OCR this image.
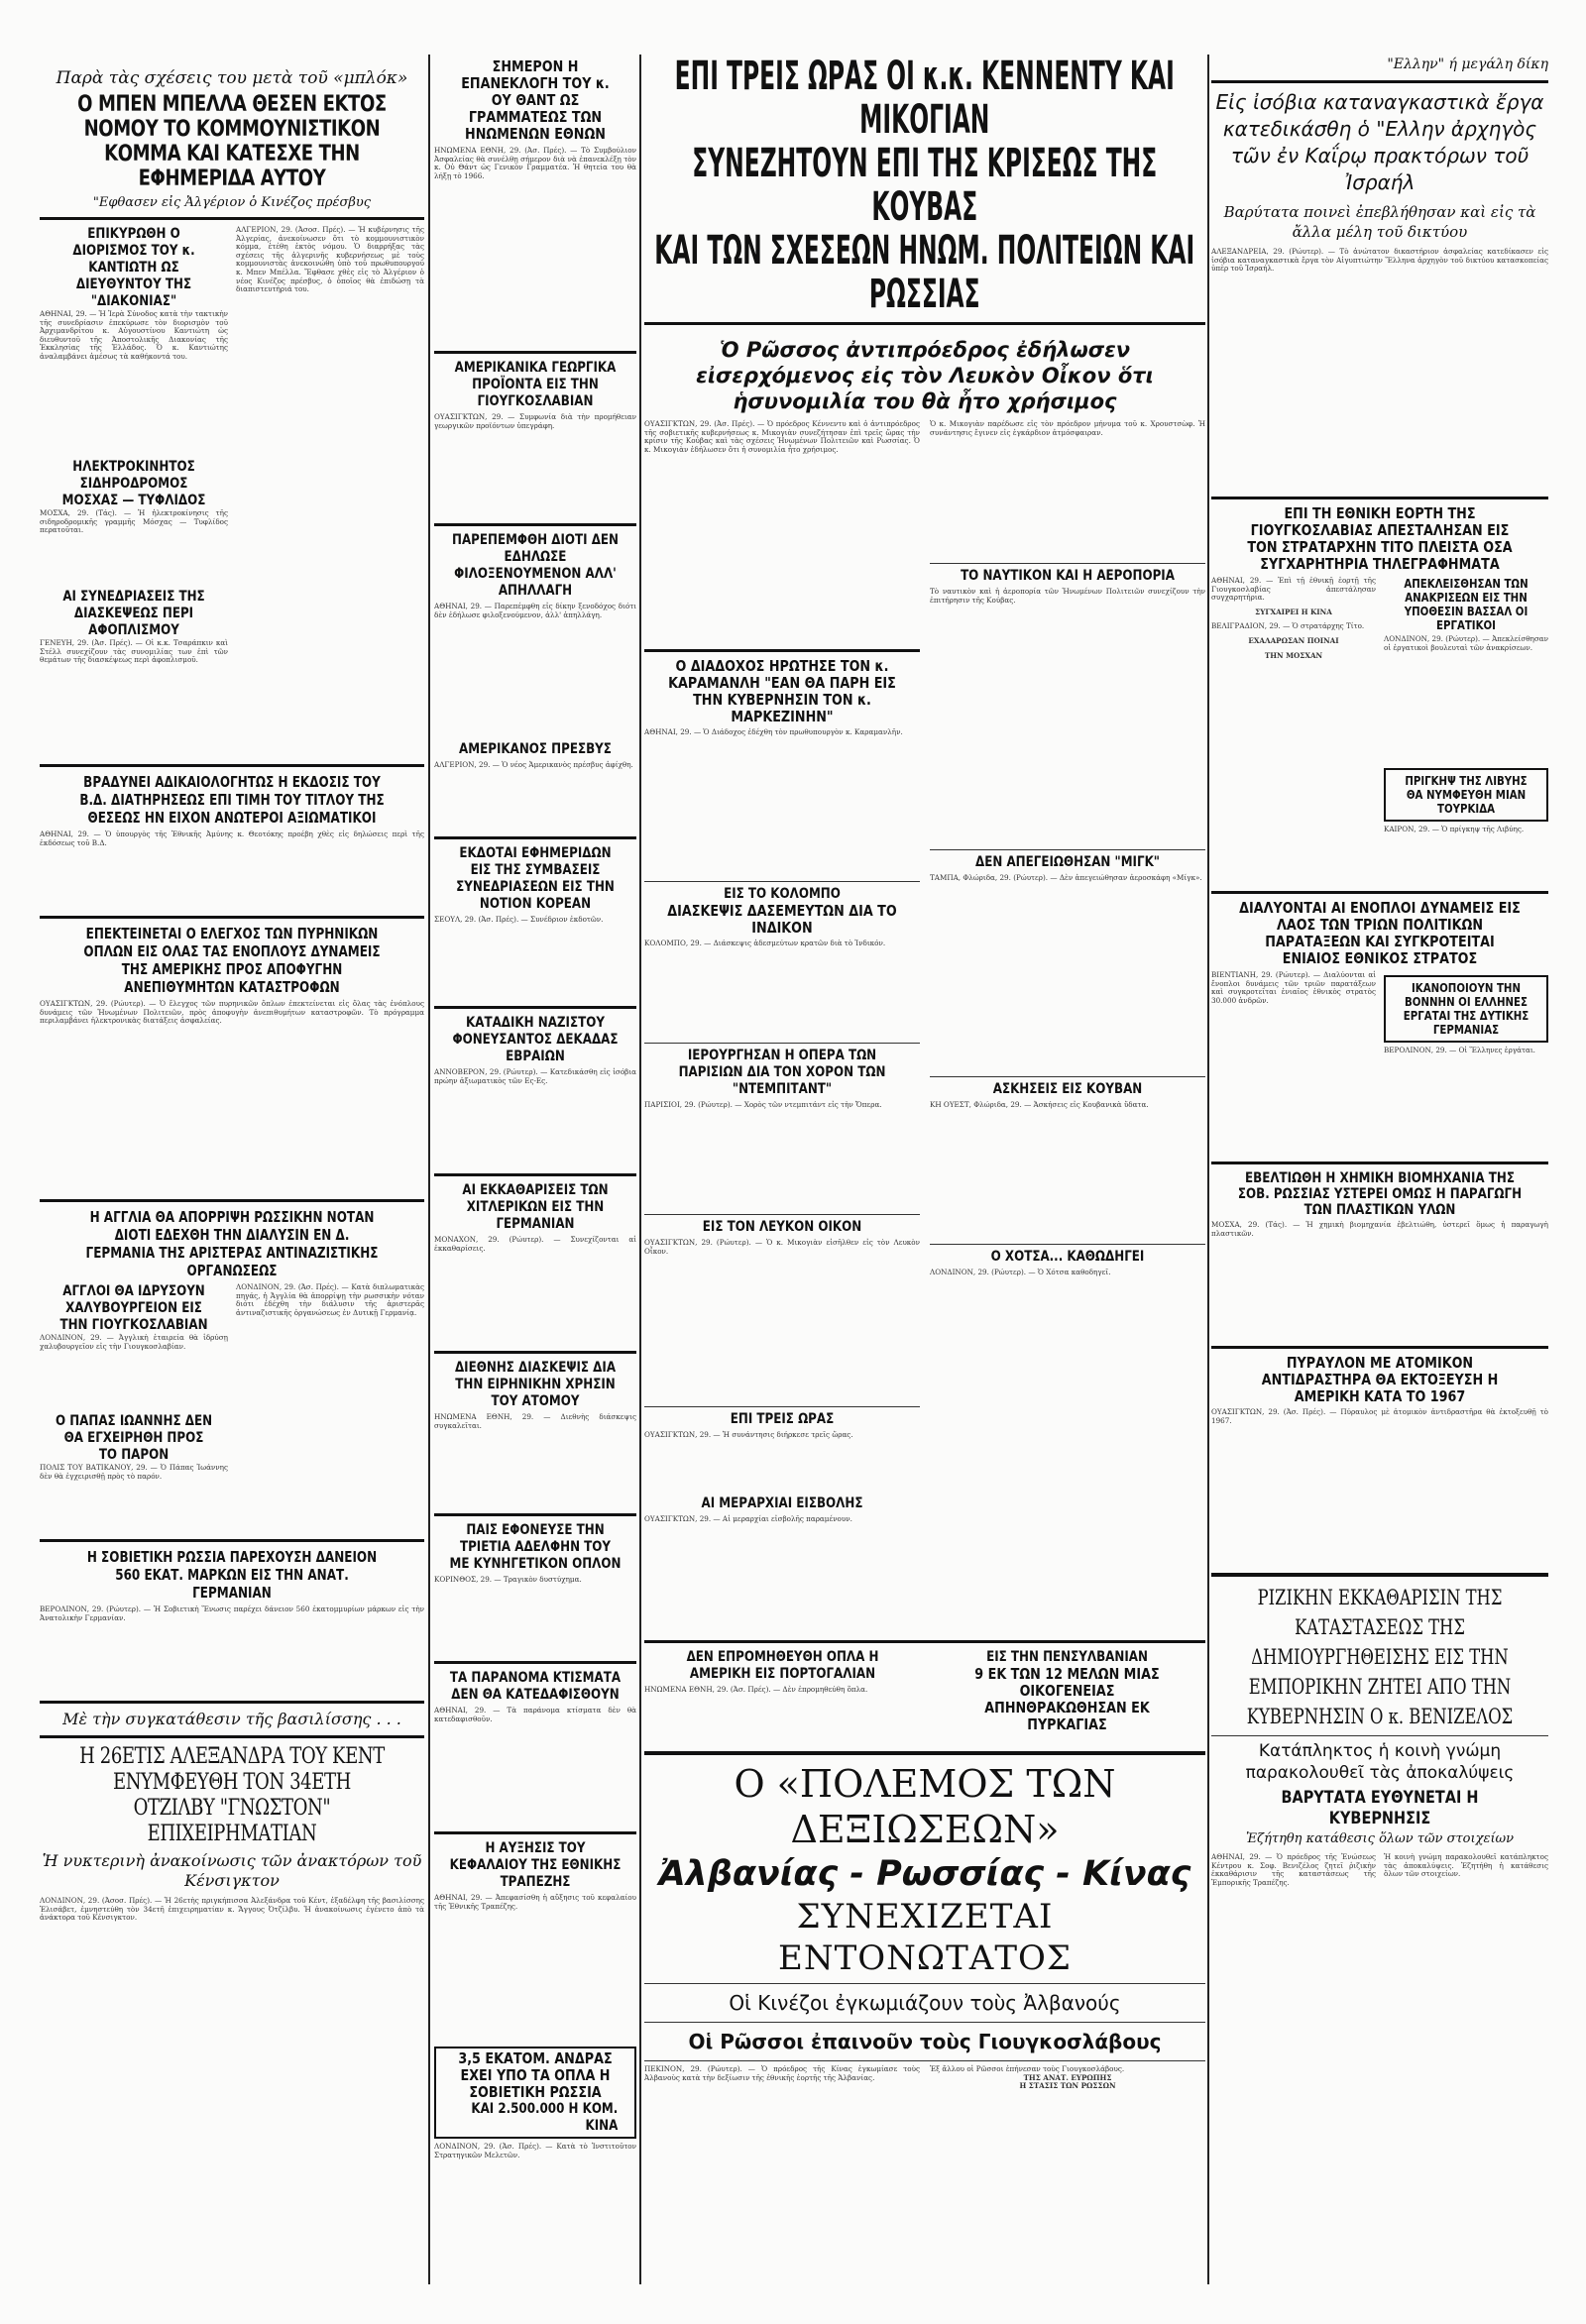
Παρὰ τὰς σχέσεις του μετὰ τοῦ «μπλόκ»
Ο ΜΠΕΝ ΜΠΕΛΛΑ ΘΕΣΕΝ ΕΚΤΟΣ ΝΟΜΟΥ ΤΟ ΚΟΜΜΟΥΝΙΣΤΙΚΟΝ ΚΟΜΜΑ ΚΑΙ ΚΑΤΕΣΧΕ ΤΗΝ ΕΦΗΜΕΡΙΔΑ ΑΥΤΟΥ
"Εφθασεν εἰς Ἀλγέριον ὁ Κινέζος πρέσβυς
ΕΠΙΚΥΡΩΘΗ Ο ΔΙΟΡΙΣΜΟΣ ΤΟΥ κ. ΚΑΝΤΙΩΤΗ ΩΣ ΔΙΕΥΘΥΝΤΟΥ ΤΗΣ "ΔΙΑΚΟΝΙΑΣ"
ΑΘΗΝΑΙ, 29. — Ἡ Ἱερὰ Σύνοδος κατὰ τὴν τακτικὴν τῆς συνεδρίασιν ἐπεκύρωσε τὸν διορισμὸν τοῦ Ἀρχιμανδρίτου κ. Αὐγουστίνου Καντιώτη ὡς διευθυντοῦ τῆς Ἀποστολικῆς Διακονίας τῆς Ἐκκλησίας τῆς Ἑλλάδος. Ὁ κ. Καντιώτης ἀναλαμβάνει ἀμέσως τὰ καθήκοντά του.
ΗΛΕΚΤΡΟΚΙΝΗΤΟΣ ΣΙΔΗΡΟΔΡΟΜΟΣ ΜΟΣΧΑΣ — ΤΥΦΛΙΔΟΣ
ΜΟΣΧΑ, 29. (Τάς). — Ἡ ἠλεκτροκίνησις τῆς σιδηροδρομικῆς γραμμῆς Μόσχας — Τυφλίδος περατοῦται.
ΑΙ ΣΥΝΕΔΡΙΑΣΕΙΣ ΤΗΣ ΔΙΑΣΚΕΨΕΩΣ ΠΕΡΙ ΑΦΟΠΛΙΣΜΟΥ
ΓΕΝΕΥΗ, 29. (Ἀσ. Πρές). — Οἱ κ.κ. Τσαράπκιν καὶ Στέλλ συνεχίζουν τὰς συνομιλίας των ἐπὶ τῶν θεμάτων τῆς διασκέψεως περὶ ἀφοπλισμοῦ.
ΑΛΓΕΡΙΟΝ, 29. (Ἀσοσ. Πρές). — Ἡ κυβέρνησις τῆς Ἀλγερίας, ἀνεκοίνωσεν ὅτι τὸ κομμουνιστικὸν κόμμα, ἐτέθη ἐκτὸς νόμου. Ὁ διαρρήξας τὰς σχέσεις τῆς ἀλγερινῆς κυβερνήσεως μὲ τοὺς κομμουνιστὰς ἀνεκοινώθη ὑπὸ τοῦ πρωθυπουργοῦ κ. Μπεν Μπέλλα. Ἔφθασε χθὲς εἰς τὸ Ἀλγέριον ὁ νέος Κινέζος πρέσβυς, ὁ ὁποῖος θὰ ἐπιδώσῃ τὰ διαπιστευτήριά του.
ΒΡΑΔΥΝΕΙ ΑΔΙΚΑΙΟΛΟΓΗΤΩΣ Η ΕΚΔΟΣΙΣ ΤΟΥ Β.Δ. ΔΙΑΤΗΡΗΣΕΩΣ ΕΠΙ ΤΙΜΗ ΤΟΥ ΤΙΤΛΟΥ ΤΗΣ ΘΕΣΕΩΣ ΗΝ ΕΙΧΟΝ ΑΝΩΤΕΡΟΙ ΑΞΙΩΜΑΤΙΚΟΙ
ΑΘΗΝΑΙ, 29. — Ὁ ὑπουργὸς τῆς Ἐθνικῆς Ἀμύνης κ. Θεοτόκης προέβη χθὲς εἰς δηλώσεις περὶ τῆς ἐκδόσεως τοῦ Β.Δ.
ΕΠΕΚΤΕΙΝΕΤΑΙ Ο ΕΛΕΓΧΟΣ ΤΩΝ ΠΥΡΗΝΙΚΩΝ ΟΠΛΩΝ ΕΙΣ ΟΛΑΣ ΤΑΣ ΕΝΟΠΛΟΥΣ ΔΥΝΑΜΕΙΣ ΤΗΣ ΑΜΕΡΙΚΗΣ ΠΡΟΣ ΑΠΟΦΥΓΗΝ ΑΝΕΠΙΘΥΜΗΤΩΝ ΚΑΤΑΣΤΡΟΦΩΝ
ΟΥΑΣΙΓΚΤΩΝ, 29. (Ρώυτερ). — Ὁ ἔλεγχος τῶν πυρηνικῶν ὅπλων ἐπεκτείνεται εἰς ὅλας τὰς ἐνόπλους δυνάμεις τῶν Ἡνωμένων Πολιτειῶν, πρὸς ἀποφυγὴν ἀνεπιθυμήτων καταστροφῶν. Τὸ πρόγραμμα περιλαμβάνει ἠλεκτρονικὰς διατάξεις ἀσφαλείας.
Η ΑΓΓΛΙΑ ΘΑ ΑΠΟΡΡΙΨΗ ΡΩΣΣΙΚΗΝ ΝΟΤΑΝ ΔΙΟΤΙ ΕΔΕΧΘΗ ΤΗΝ ΔΙΑΛΥΣΙΝ ΕΝ Δ. ΓΕΡΜΑΝΙΑ ΤΗΣ ΑΡΙΣΤΕΡΑΣ ΑΝΤΙΝΑΖΙΣΤΙΚΗΣ ΟΡΓΑΝΩΣΕΩΣ
ΑΓΓΛΟΙ ΘΑ ΙΔΡΥΣΟΥΝ ΧΑΛΥΒΟΥΡΓΕΙΟΝ ΕΙΣ ΤΗΝ ΓΙΟΥΓΚΟΣΛΑΒΙΑΝ
ΛΟΝΔΙΝΟΝ, 29. — Ἀγγλικὴ ἑταιρεία θὰ ἱδρύσῃ χαλυβουργεῖον εἰς τὴν Γιουγκοσλαβίαν.
Ο ΠΑΠΑΣ ΙΩΑΝΝΗΣ ΔΕΝ ΘΑ ΕΓΧΕΙΡΗΘΗ ΠΡΟΣ ΤΟ ΠΑΡΟΝ
ΠΟΛΙΣ ΤΟΥ ΒΑΤΙΚΑΝΟΥ, 29. — Ὁ Πάπας Ἰωάννης δὲν θὰ ἐγχειρισθῇ πρὸς τὸ παρόν.
ΛΟΝΔΙΝΟΝ, 29. (Ἀσ. Πρές). — Κατὰ διπλωματικὰς πηγάς, ἡ Ἀγγλία θὰ ἀπορρίψῃ τὴν ρωσσικὴν νόταν διότι ἐδέχθη τὴν διάλυσιν τῆς ἀριστερᾶς ἀντιναζιστικῆς ὀργανώσεως ἐν Δυτικῇ Γερμανίᾳ.
Η ΣΟΒΙΕΤΙΚΗ ΡΩΣΣΙΑ ΠΑΡΕΧΟΥΣΗ ΔΑΝΕΙΟΝ 560 ΕΚΑΤ. ΜΑΡΚΩΝ ΕΙΣ ΤΗΝ ΑΝΑΤ. ΓΕΡΜΑΝΙΑΝ
ΒΕΡΟΛΙΝΟΝ, 29. (Ρώυτερ). — Ἡ Σοβιετικὴ Ἕνωσις παρέχει δάνειον 560 ἑκατομμυρίων μάρκων εἰς τὴν Ἀνατολικὴν Γερμανίαν.
Μὲ τὴν συγκατάθεσιν τῆς βασιλίσσης . . .
Η 26ΕΤΙΣ ΑΛΕΞΑΝΔΡΑ ΤΟΥ ΚΕΝΤ ΕΝΥΜΦΕΥΘΗ ΤΟΝ 34ΕΤΗ ΟΤΖΙΛΒΥ "ΓΝΩΣΤΟΝ" ΕΠΙΧΕΙΡΗΜΑΤΙΑΝ
Ἡ νυκτερινὴ ἀνακοίνωσις τῶν ἀνακτόρων τοῦ Κένσιγκτον
ΛΟΝΔΙΝΟΝ, 29. (Ἀσοσ. Πρές). — Ἡ 26ετὴς πριγκήπισσα Ἀλεξάνδρα τοῦ Κέντ, ἐξαδέλφη τῆς βασιλίσσης Ἐλισάβετ, ἐμνηστεύθη τὸν 34ετῆ ἐπιχειρηματίαν κ. Ἄγγους Ὀτζίλβυ. Ἡ ἀνακοίνωσις ἐγένετο ἀπὸ τὰ ἀνάκτορα τοῦ Κένσιγκτον.
ΣΗΜΕΡΟΝ Η ΕΠΑΝΕΚΛΟΓΗ ΤΟΥ κ. ΟΥ ΘΑΝΤ ΩΣ ΓΡΑΜΜΑΤΕΩΣ ΤΩΝ ΗΝΩΜΕΝΩΝ ΕΘΝΩΝ
ΗΝΩΜΕΝΑ ΕΘΝΗ, 29. (Ἀσ. Πρές). — Τὸ Συμβούλιον Ἀσφαλείας θὰ συνέλθῃ σήμερον διὰ νὰ ἐπανεκλέξῃ τὸν κ. Οὐ Θάντ ὡς Γενικὸν Γραμματέα. Ἡ θητεία του θὰ λήξῃ τὸ 1966.
ΑΜΕΡΙΚΑΝΙΚΑ ΓΕΩΡΓΙΚΑ ΠΡΟΪΟΝΤΑ ΕΙΣ ΤΗΝ ΓΙΟΥΓΚΟΣΛΑΒΙΑΝ
ΟΥΑΣΙΓΚΤΩΝ, 29. — Συμφωνία διὰ τὴν προμήθειαν γεωργικῶν προϊόντων ὑπεγράφη.
ΠΑΡΕΠΕΜΦΘΗ ΔΙΟΤΙ ΔΕΝ ΕΔΗΛΩΣΕ ΦΙΛΟΞΕΝΟΥΜΕΝΟΝ ΑΛΛ' ΑΠΗΛΛΑΓΗ
ΑΘΗΝΑΙ, 29. — Παρεπέμφθη εἰς δίκην ξενοδόχος διότι δὲν ἐδήλωσε φιλοξενούμενον, ἀλλ' ἀπηλλάγη.
ΑΜΕΡΙΚΑΝΟΣ ΠΡΕΣΒΥΣ
ΑΛΓΕΡΙΟΝ, 29. — Ὁ νέος Ἀμερικανὸς πρέσβυς ἀφίχθη.
ΕΚΔΟΤΑΙ ΕΦΗΜΕΡΙΔΩΝ ΕΙΣ ΤΗΣ ΣΥΜΒΑΣΕΙΣ ΣΥΝΕΔΡΙΑΣΕΩΝ ΕΙΣ ΤΗΝ ΝΟΤΙΟΝ ΚΟΡΕΑΝ
ΣΕΟΥΛ, 29. (Ἀσ. Πρές). — Συνέδριον ἐκδοτῶν.
ΚΑΤΑΔΙΚΗ ΝΑΖΙΣΤΟΥ ΦΟΝΕΥΣΑΝΤΟΣ ΔΕΚΑΔΑΣ ΕΒΡΑΙΩΝ
ΑΝΝΟΒΕΡΟΝ, 29. (Ρώυτερ). — Κατεδικάσθη εἰς ἰσόβια πρώην ἀξιωματικὸς τῶν Ες-Ες.
ΑΙ ΕΚΚΑΘΑΡΙΣΕΙΣ ΤΩΝ ΧΙΤΛΕΡΙΚΩΝ ΕΙΣ ΤΗΝ ΓΕΡΜΑΝΙΑΝ
ΜΟΝΑΧΟΝ, 29. (Ρώυτερ). — Συνεχίζονται αἱ ἐκκαθαρίσεις.
ΔΙΕΘΝΗΣ ΔΙΑΣΚΕΨΙΣ ΔΙΑ ΤΗΝ ΕΙΡΗΝΙΚΗΝ ΧΡΗΣΙΝ ΤΟΥ ΑΤΟΜΟΥ
ΗΝΩΜΕΝΑ ΕΘΝΗ, 29. — Διεθνὴς διάσκεψις συγκαλεῖται.
ΠΑΙΣ ΕΦΟΝΕΥΣΕ ΤΗΝ ΤΡΙΕΤΙΑ ΑΔΕΛΦΗΝ ΤΟΥ ΜΕ ΚΥΝΗΓΕΤΙΚΟΝ ΟΠΛΟΝ
ΚΟΡΙΝΘΟΣ, 29. — Τραγικὸν δυστύχημα.
ΤΑ ΠΑΡΑΝΟΜΑ ΚΤΙΣΜΑΤΑ ΔΕΝ ΘΑ ΚΑΤΕΔΑΦΙΣΘΟΥΝ
ΑΘΗΝΑΙ, 29. — Τὰ παράνομα κτίσματα δὲν θὰ κατεδαφισθοῦν.
Η ΑΥΞΗΣΙΣ ΤΟΥ ΚΕΦΑΛΑΙΟΥ ΤΗΣ ΕΘΝΙΚΗΣ ΤΡΑΠΕΖΗΣ
ΑΘΗΝΑΙ, 29. — Ἀπεφασίσθη ἡ αὔξησις τοῦ κεφαλαίου τῆς Ἐθνικῆς Τραπέζης.
3,5 ΕΚΑΤΟΜ. ΑΝΔΡΑΣ ΕΧΕΙ ΥΠΟ ΤΑ ΟΠΛΑ Η ΣΟΒΙΕΤΙΚΗ ΡΩΣΣΙΑ
ΚΑΙ 2.500.000 Η ΚΟΜ. ΚΙΝΑ
ΛΟΝΔΙΝΟΝ, 29. (Ἀσ. Πρές). — Κατὰ τὸ Ἰνστιτοῦτον Στρατηγικῶν Μελετῶν.
ΕΠΙ ΤΡΕΙΣ ΩΡΑΣ ΟΙ κ.κ. ΚΕΝΝΕΝΤΥ ΚΑΙ ΜΙΚΟΓΙΑΝ
ΣΥΝΕΖΗΤΟΥΝ ΕΠΙ ΤΗΣ ΚΡΙΣΕΩΣ ΤΗΣ ΚΟΥΒΑΣ
ΚΑΙ ΤΩΝ ΣΧΕΣΕΩΝ ΗΝΩΜ. ΠΟΛΙΤΕΙΩΝ ΚΑΙ ΡΩΣΣΙΑΣ
Ὁ Ρῶσσος ἀντιπρόεδρος ἐδήλωσεν εἰσερχόμενος εἰς τὸν Λευκὸν Οἶκον ὅτι ἡσυνομιλία του θὰ ἦτο χρήσιμος
ΟΥΑΣΙΓΚΤΩΝ, 29. (Ἀσ. Πρές). — Ὁ πρόεδρος Κέννεντυ καὶ ὁ ἀντιπρόεδρος τῆς σοβιετικῆς κυβερνήσεως κ. Μικογιὰν συνεζήτησαν ἐπὶ τρεῖς ὥρας τὴν κρίσιν τῆς Κούβας καὶ τὰς σχέσεις Ἡνωμένων Πολιτειῶν καὶ Ρωσσίας. Ὁ κ. Μικογιὰν ἐδήλωσεν ὅτι ἡ συνομιλία ἦτο χρήσιμος.
Ο ΔΙΑΔΟΧΟΣ ΗΡΩΤΗΣΕ ΤΟΝ κ. ΚΑΡΑΜΑΝΛΗ "ΕΑΝ ΘΑ ΠΑΡΗ ΕΙΣ ΤΗΝ ΚΥΒΕΡΝΗΣΙΝ ΤΟΝ κ. ΜΑΡΚΕΖΙΝΗΝ"
ΑΘΗΝΑΙ, 29. — Ὁ Διάδοχος ἐδέχθη τὸν πρωθυπουργὸν κ. Καραμανλῆν.
ΕΙΣ ΤΟ ΚΟΛΟΜΠΟ
ΔΙΑΣΚΕΨΙΣ ΔΑΣΕΜΕΥΤΩΝ ΔΙΑ ΤΟ ΙΝΔΙΚΟΝ
ΚΟΛΟΜΠΟ, 29. — Διάσκεψις ἀδεσμεύτων κρατῶν διὰ τὸ Ἰνδικόν.
ΙΕΡΟΥΡΓΗΣΑΝ Η ΟΠΕΡΑ ΤΩΝ ΠΑΡΙΣΙΩΝ ΔΙΑ ΤΟΝ ΧΟΡΟΝ ΤΩΝ "ΝΤΕΜΠΙΤΑΝΤ"
ΠΑΡΙΣΙΟΙ, 29. (Ρώυτερ). — Χορὸς τῶν ντεμπιτάντ εἰς τὴν Ὄπερα.
ΕΙΣ ΤΟΝ ΛΕΥΚΟΝ ΟΙΚΟΝ
ΟΥΑΣΙΓΚΤΩΝ, 29. (Ρώυτερ). — Ὁ κ. Μικογιὰν εἰσῆλθεν εἰς τὸν Λευκὸν Οἶκον.
ΕΠΙ ΤΡΕΙΣ ΩΡΑΣ
ΟΥΑΣΙΓΚΤΩΝ, 29. — Ἡ συνάντησις διήρκεσε τρεῖς ὥρας.
ΑΙ ΜΕΡΑΡΧΙΑΙ ΕΙΣΒΟΛΗΣ
ΟΥΑΣΙΓΚΤΩΝ, 29. — Αἱ μεραρχίαι εἰσβολῆς παραμένουν.
Ὁ κ. Μικογιὰν παρέδωσε εἰς τὸν πρόεδρον μήνυμα τοῦ κ. Χρουστσὼφ. Ἡ συνάντησις ἔγινεν εἰς ἐγκάρδιον ἀτμόσφαιραν.
ΤΟ ΝΑΥΤΙΚΟΝ ΚΑΙ Η ΑΕΡΟΠΟΡΙΑ
Τὸ ναυτικὸν καὶ ἡ ἀεροπορία τῶν Ἡνωμένων Πολιτειῶν συνεχίζουν τὴν ἐπιτήρησιν τῆς Κούβας.
ΔΕΝ ΑΠΕΓΕΙΩΘΗΣΑΝ "ΜΙΓΚ"
ΤΑΜΠΑ, Φλώριδα, 29. (Ρώυτερ). — Δὲν ἀπεγειώθησαν ἀεροσκάφη «Μίγκ».
ΑΣΚΗΣΕΙΣ ΕΙΣ ΚΟΥΒΑΝ
ΚΗ ΟΥΕΣΤ, Φλώριδα, 29. — Ἀσκήσεις εἰς Κουβανικὰ ὕδατα.
Ο ΧΟΤΣΑ... ΚΑΘΩΔΗΓΕΙ
ΛΟΝΔΙΝΟΝ, 29. (Ρώυτερ). — Ὁ Χότσα καθοδηγεῖ.
ΔΕΝ ΕΠΡΟΜΗΘΕΥΘΗ ΟΠΛΑ Η ΑΜΕΡΙΚΗ ΕΙΣ ΠΟΡΤΟΓΑΛΙΑΝ
ΗΝΩΜΕΝΑ ΕΘΝΗ, 29. (Ἀσ. Πρές). — Δὲν ἐπρομηθεύθη ὅπλα.
ΕΙΣ ΤΗΝ ΠΕΝΣΥΛΒΑΝΙΑΝ
9 ΕΚ ΤΩΝ 12 ΜΕΛΩΝ ΜΙΑΣ ΟΙΚΟΓΕΝΕΙΑΣ ΑΠΗΝΘΡΑΚΩΘΗΣΑΝ ΕΚ ΠΥΡΚΑΓΙΑΣ
Ο «ΠΟΛΕΜΟΣ ΤΩΝ ΔΕΞΙΩΣΕΩΝ»
Ἀλβανίας - Ρωσσίας - Κίνας
ΣΥΝΕΧΙΖΕΤΑΙ ΕΝΤΟΝΩΤΑΤΟΣ
Οἱ Κινέζοι ἐγκωμιάζουν τοὺς Ἀλβανούς
Οἱ Ρῶσσοι ἐπαινοῦν τοὺς Γιουγκοσλάβους
ΠΕΚΙΝΟΝ, 29. (Ρώυτερ). — Ὁ πρόεδρος τῆς Κίνας ἐγκωμίασε τοὺς Ἀλβανοὺς κατὰ τὴν δεξίωσιν τῆς ἐθνικῆς ἑορτῆς τῆς Ἀλβανίας.
Ἐξ ἄλλου οἱ Ρῶσσοι ἐπήνεσαν τοὺς Γιουγκοσλάβους.
ΤΗΣ ΑΝΑΤ. ΕΥΡΩΠΗΣ
Η ΣΤΑΣΙΣ ΤΩΝ ΡΩΣΣΩΝ
"Ελλην" ή μεγάλη δίκη
Εἰς ἰσόβια καταναγκαστικὰ ἔργα κατεδικάσθη ὁ "Ελλην ἀρχηγὸς τῶν ἐν Καΐρῳ πρακτόρων τοῦ Ἰσραήλ
Βαρύτατα ποινεὶ ἐπεβλήθησαν καὶ εἰς τὰ ἄλλα μέλη τοῦ δικτύου
ΑΛΕΞΑΝΔΡΕΙΑ, 29. (Ρώυτερ). — Τὸ ἀνώτατον δικαστήριον ἀσφαλείας κατεδίκασεν εἰς ἰσόβια καταναγκαστικὰ ἔργα τὸν Αἰγυπτιώτην Ἕλληνα ἀρχηγὸν τοῦ δικτύου κατασκοπείας ὑπὲρ τοῦ Ἰσραήλ.
ΕΠΙ ΤΗ ΕΘΝΙΚΗ ΕΟΡΤΗ ΤΗΣ ΓΙΟΥΓΚΟΣΛΑΒΙΑΣ ΑΠΕΣΤΑΛΗΣΑΝ ΕΙΣ ΤΟΝ ΣΤΡΑΤΑΡΧΗΝ ΤΙΤΟ ΠΛΕΙΣΤΑ ΟΣΑ ΣΥΓΧΑΡΗΤΗΡΙΑ ΤΗΛΕΓΡΑΦΗΜΑΤΑ
ΑΘΗΝΑΙ, 29. — Ἐπὶ τῇ ἐθνικῇ ἑορτῇ τῆς Γιουγκοσλαβίας ἀπεστάλησαν συγχαρητήρια.
ΣΥΓΧΑΙΡΕΙ Η ΚΙΝΑ
ΒΕΛΙΓΡΑΔΙΟΝ, 29. — Ὁ στρατάρχης Τίτο.
ΕΧΑΛΑΡΩΣΑΝ ΠΟΙΝΑΙ
ΤΗΝ ΜΟΣΧΑΝ
ΑΠΕΚΛΕΙΣΘΗΣΑΝ ΤΩΝ ΑΝΑΚΡΙΣΕΩΝ ΕΙΣ ΤΗΝ ΥΠΟΘΕΣΙΝ ΒΑΣΣΑΛ ΟΙ ΕΡΓΑΤΙΚΟΙ
ΛΟΝΔΙΝΟΝ, 29. (Ρώυτερ). — Ἀπεκλείσθησαν οἱ ἐργατικοὶ βουλευταὶ τῶν ἀνακρίσεων.
ΠΡΙΓΚΗΨ ΤΗΣ ΛΙΒΥΗΣ ΘΑ ΝΥΜΦΕΥΘΗ ΜΙΑΝ ΤΟΥΡΚΙΔΑ
ΚΑΙΡΟΝ, 29. — Ὁ πρίγκηψ τῆς Λιβύης.
ΔΙΑΛΥΟΝΤΑΙ ΑΙ ΕΝΟΠΛΟΙ ΔΥΝΑΜΕΙΣ ΕΙΣ ΛΑΟΣ ΤΩΝ ΤΡΙΩΝ ΠΟΛΙΤΙΚΩΝ ΠΑΡΑΤΑΞΕΩΝ ΚΑΙ ΣΥΓΚΡΟΤΕΙΤΑΙ ΕΝΙΑΙΟΣ ΕΘΝΙΚΟΣ ΣΤΡΑΤΟΣ
ΒΙΕΝΤΙΑΝΗ, 29. (Ρώυτερ). — Διαλύονται αἱ ἔνοπλοι δυνάμεις τῶν τριῶν παρατάξεων καὶ συγκροτεῖται ἐνιαῖος ἐθνικὸς στρατὸς 30.000 ἀνδρῶν.
ΙΚΑΝΟΠΟΙΟΥΝ ΤΗΝ ΒΟΝΝΗΝ ΟΙ ΕΛΛΗΝΕΣ ΕΡΓΑΤΑΙ ΤΗΣ ΔΥΤΙΚΗΣ ΓΕΡΜΑΝΙΑΣ
ΒΕΡΟΛΙΝΟΝ, 29. — Οἱ Ἕλληνες ἐργάται.
ΕΒΕΛΤΙΩΘΗ Η ΧΗΜΙΚΗ ΒΙΟΜΗΧΑΝΙΑ ΤΗΣ ΣΟΒ. ΡΩΣΣΙΑΣ ΥΣΤΕΡΕΙ ΟΜΩΣ Η ΠΑΡΑΓΩΓΗ ΤΩΝ ΠΛΑΣΤΙΚΩΝ ΥΛΩΝ
ΜΟΣΧΑ, 29. (Τάς). — Ἡ χημικὴ βιομηχανία ἐβελτιώθη, ὑστερεῖ ὅμως ἡ παραγωγὴ πλαστικῶν.
ΠΥΡΑΥΛΟΝ ΜΕ ΑΤΟΜΙΚΟΝ ΑΝΤΙΔΡΑΣΤΗΡΑ ΘΑ ΕΚΤΟΞΕΥΣΗ Η ΑΜΕΡΙΚΗ ΚΑΤΑ ΤΟ 1967
ΟΥΑΣΙΓΚΤΩΝ, 29. (Ἀσ. Πρές). — Πύραυλος μὲ ἀτομικὸν ἀντιδραστῆρα θὰ ἐκτοξευθῇ τὸ 1967.
ΡΙΖΙΚΗΝ ΕΚΚΑΘΑΡΙΣΙΝ ΤΗΣ ΚΑΤΑΣΤΑΣΕΩΣ ΤΗΣ ΔΗΜΙΟΥΡΓΗΘΕΙΣΗΣ ΕΙΣ ΤΗΝ ΕΜΠΟΡΙΚΗΝ ΖΗΤΕΙ ΑΠΟ ΤΗΝ ΚΥΒΕΡΝΗΣΙΝ Ο κ. ΒΕΝΙΖΕΛΟΣ
Κατάπληκτος ἡ κοινὴ γνώμη
παρακολουθεῖ τὰς ἀποκαλύψεις
ΒΑΡΥΤΑΤΑ ΕΥΘΥΝΕΤΑΙ Η ΚΥΒΕΡΝΗΣΙΣ
Ἐζήτηθη κατάθεσις ὅλων τῶν στοιχείων
ΑΘΗΝΑΙ, 29. — Ὁ πρόεδρος τῆς Ἑνώσεως Κέντρου κ. Σοφ. Βενιζέλος ζητεῖ ῥιζικὴν ἐκκαθάρισιν τῆς καταστάσεως τῆς Ἐμπορικῆς Τραπέζης.
Ἡ κοινὴ γνώμη παρακολουθεῖ κατάπληκτος τὰς ἀποκαλύψεις. Ἐζητήθη ἡ κατάθεσις ὅλων τῶν στοιχείων.
